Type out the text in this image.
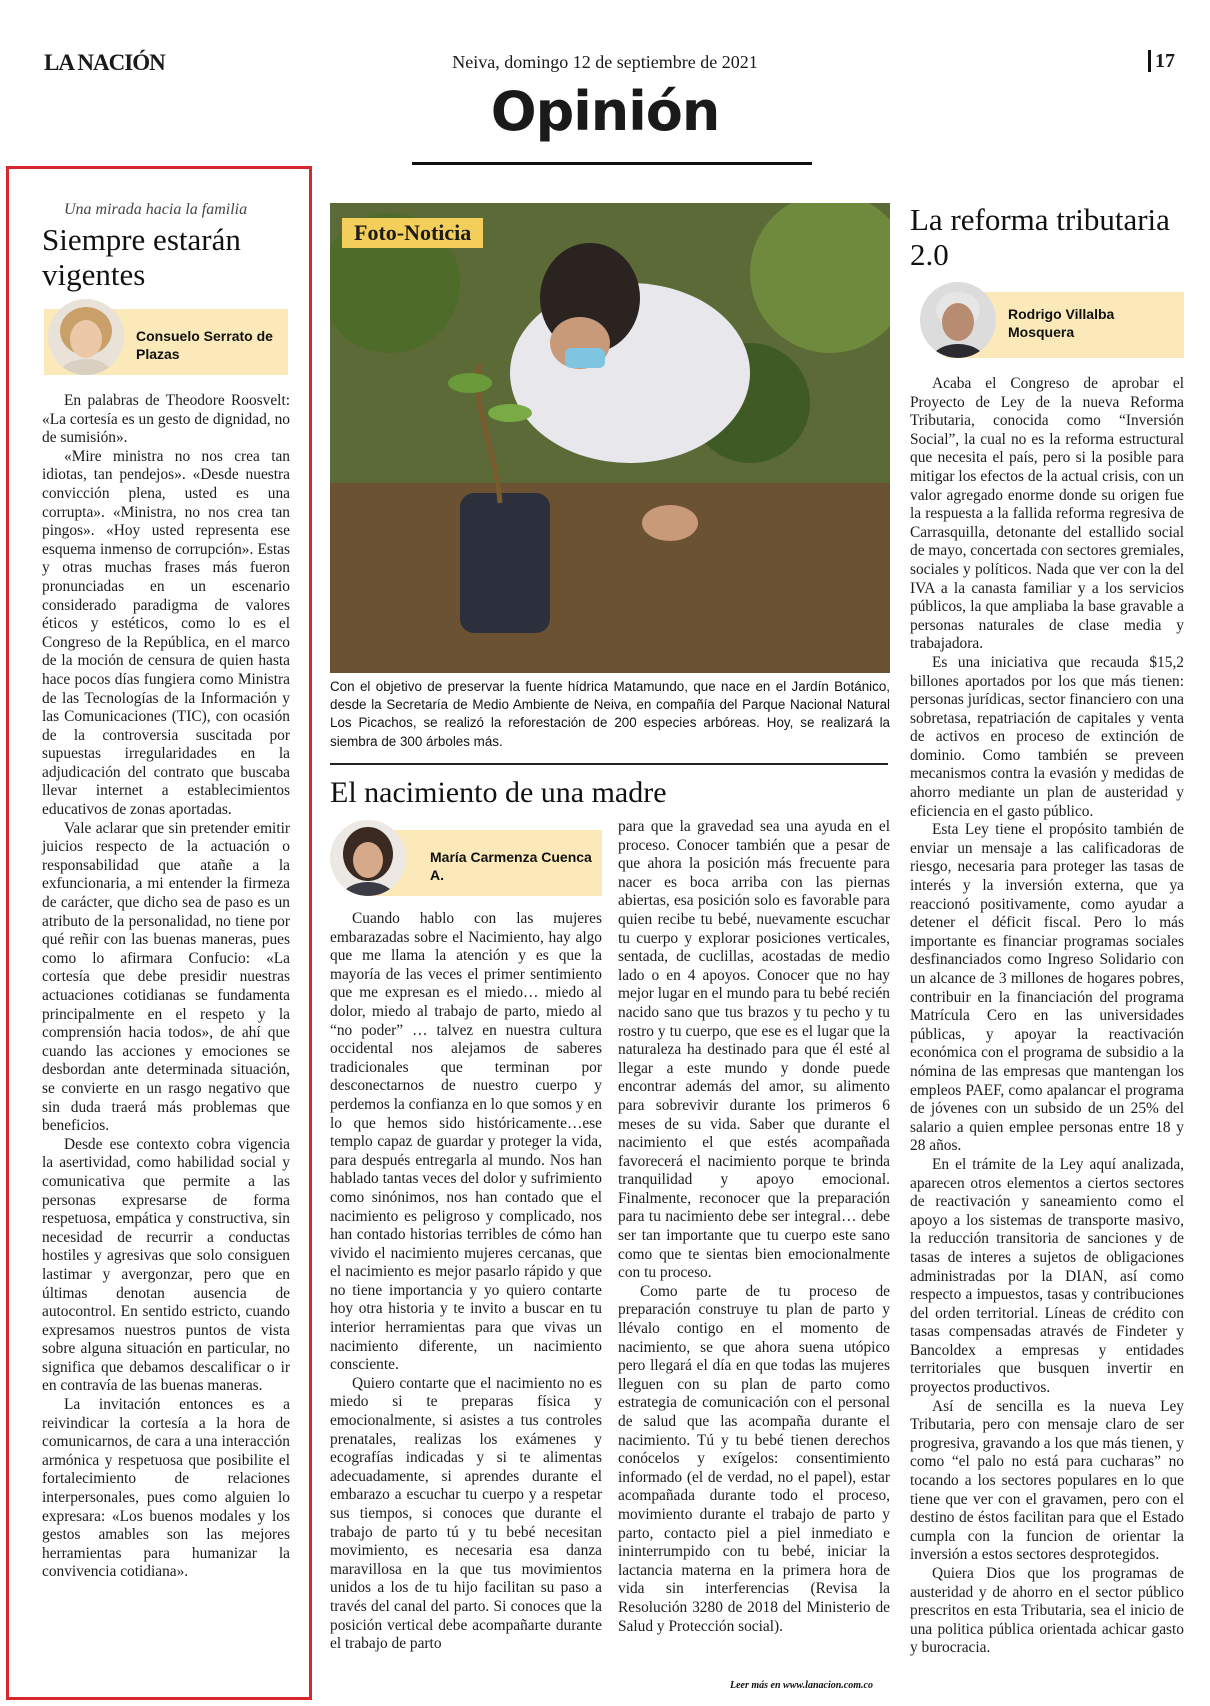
LA NACIÓN	Neiva, domingo 12 de septiembre de 2021	17
Opinión
Una mirada hacia la familia
Siempre estarán vigentes
Consuelo Serrato de Plazas

En palabras de Theodore Roosvelt: «La cortesía es un gesto de dignidad, no de sumisión».

«Mire ministra no nos crea tan idiotas, tan pendejos». «Desde nuestra convicción plena, usted es una corrupta». «Ministra, no nos crea tan pingos». «Hoy usted representa ese esquema inmenso de corrupción». Estas y otras muchas frases más fueron pronunciadas en un escenario considerado paradigma de valores éticos y estéticos, como lo es el Congreso de la República, en el marco de la moción de censura de quien hasta hace pocos días fungiera como Ministra de las Tecnologías de la Información y las Comunicaciones (TIC), con ocasión de la controversia suscitada por supuestas irregularidades en la adjudicación del contrato que buscaba llevar internet a establecimientos educativos de zonas aportadas.

Vale aclarar que sin pretender emitir juicios respecto de la actuación o responsabilidad que atañe a la exfuncionaria, a mi entender la firmeza de carácter, que dicho sea de paso es un atributo de la personalidad, no tiene por qué reñir con las buenas maneras, pues como lo afirmara Confucio: «La cortesía que debe presidir nuestras actuaciones cotidianas se fundamenta principalmente en el respeto y la comprensión hacia todos», de ahí que cuando las acciones y emociones se desbordan ante determinada situación, se convierte en un rasgo negativo que sin duda traerá más problemas que beneficios.

Desde ese contexto cobra vigencia la asertividad, como habilidad social y comunicativa que permite a las personas expresarse de forma respetuosa, empática y constructiva, sin necesidad de recurrir a conductas hostiles y agresivas que solo consiguen lastimar y avergonzar, pero que en últimas denotan ausencia de autocontrol. En sentido estricto, cuando expresamos nuestros puntos de vista sobre alguna situación en particular, no significa que debamos descalificar o ir en contravía de las buenas maneras.

La invitación entonces es a reivindicar la cortesía a la hora de comunicarnos, de cara a una interacción armónica y respetuosa que posibilite el fortalecimiento de relaciones interpersonales, pues como alguien lo expresara: «Los buenos modales y los gestos amables son las mejores herramientas para humanizar la convivencia cotidiana».

Foto-Noticia
Con el objetivo de preservar la fuente hídrica Matamundo, que nace en el Jardín Botánico, desde la Secretaría de Medio Ambiente de Neiva, en compañía del Parque Nacional Natural Los Picachos, se realizó la reforestación de 200 especies arbóreas. Hoy, se realizará la siembra de 300 árboles más.
El nacimiento de una madre
María Carmenza Cuenca A.

Cuando hablo con las mujeres embarazadas sobre el Nacimiento, hay algo que me llama la atención y es que la mayoría de las veces el primer sentimiento que me expresan es el miedo… miedo al dolor, miedo al trabajo de parto, miedo al “no poder” … talvez en nuestra cultura occidental nos alejamos de saberes tradicionales que terminan por desconectarnos de nuestro cuerpo y perdemos la confianza en lo que somos y en lo que hemos sido históricamente…ese templo capaz de guardar y proteger la vida, para después entregarla al mundo. Nos han hablado tantas veces del dolor y sufrimiento como sinónimos, nos han contado que el nacimiento es peligroso y complicado, nos han contado historias terribles de cómo han vivido el nacimiento mujeres cercanas, que el nacimiento es mejor pasarlo rápido y que no tiene importancia y yo quiero contarte hoy otra historia y te invito a buscar en tu interior herramientas para que vivas un nacimiento diferente, un nacimiento consciente.

Quiero contarte que el nacimiento no es miedo si te preparas física y emocionalmente, si asistes a tus controles prenatales, realizas los exámenes y ecografías indicadas y si te alimentas adecuadamente, si aprendes durante el embarazo a escuchar tu cuerpo y a respetar sus tiempos, si conoces que durante el trabajo de parto tú y tu bebé necesitan movimiento, es necesaria esa danza maravillosa en la que tus movimientos unidos a los de tu hijo facilitan su paso a través del canal del parto. Si conoces que la posición vertical debe acompañarte durante el trabajo de parto

para que la gravedad sea una ayuda en el proceso. Conocer también que a pesar de que ahora la posición más frecuente para nacer es boca arriba con las piernas abiertas, esa posición solo es favorable para quien recibe tu bebé, nuevamente escuchar tu cuerpo y explorar posiciones verticales, sentada, de cuclillas, acostadas de medio lado o en 4 apoyos. Conocer que no hay mejor lugar en el mundo para tu bebé recién nacido sano que tus brazos y tu pecho y tu rostro y tu cuerpo, que ese es el lugar que la naturaleza ha destinado para que él esté al llegar a este mundo y donde puede encontrar además del amor, su alimento para sobrevivir durante los primeros 6 meses de su vida. Saber que durante el nacimiento el que estés acompañada favorecerá el nacimiento porque te brinda tranquilidad y apoyo emocional. Finalmente, reconocer que la preparación para tu nacimiento debe ser integral… debe ser tan importante que tu cuerpo este sano como que te sientas bien emocionalmente con tu proceso.

Como parte de tu proceso de preparación construye tu plan de parto y llévalo contigo en el momento de nacimiento, se que ahora suena utópico pero llegará el día en que todas las mujeres lleguen con su plan de parto como estrategia de comunicación con el personal de salud que las acompaña durante el nacimiento. Tú y tu bebé tienen derechos conócelos y exígelos: consentimiento informado (el de verdad, no el papel), estar acompañada durante todo el proceso, movimiento durante el trabajo de parto y parto, contacto piel a piel inmediato e ininterrumpido con tu bebé, iniciar la lactancia materna en la primera hora de vida sin interferencias (Revisa la Resolución 3280 de 2018 del Ministerio de Salud y Protección social).

Leer más en www.lanacion.com.co
La reforma tributaria 2.0
Rodrigo Villalba Mosquera

Acaba el Congreso de aprobar el Proyecto de Ley de la nueva Reforma Tributaria, conocida como “Inversión Social”, la cual no es la reforma estructural que necesita el país, pero si la posible para mitigar los efectos de la actual crisis, con un valor agregado enorme donde su origen fue la respuesta a la fallida reforma regresiva de Carrasquilla, detonante del estallido social de mayo, concertada con sectores gremiales, sociales y políticos. Nada que ver con la del IVA a la canasta familiar y a los servicios públicos, la que ampliaba la base gravable a personas naturales de clase media y trabajadora.

Es una iniciativa que recauda $15,2 billones aportados por los que más tienen: personas jurídicas, sector financiero con una sobretasa, repatriación de capitales y venta de activos en proceso de extinción de dominio. Como también se preveen mecanismos contra la evasión y medidas de ahorro mediante un plan de austeridad y eficiencia en el gasto público.

Esta Ley tiene el propósito también de enviar un mensaje a las calificadoras de riesgo, necesaria para proteger las tasas de interés y la inversión externa, que ya reaccionó positivamente, como ayudar a detener el déficit fiscal. Pero lo más importante es financiar programas sociales desfinanciados como Ingreso Solidario con un alcance de 3 millones de hogares pobres, contribuir en la financiación del programa Matrícula Cero en las universidades públicas, y apoyar la reactivación económica con el programa de subsidio a la nómina de las empresas que mantengan los empleos PAEF, como apalancar el programa de jóvenes con un subsido de un 25% del salario a quien emplee personas entre 18 y 28 años.

En el trámite de la Ley aquí analizada, aparecen otros elementos a ciertos sectores de reactivación y saneamiento como el apoyo a los sistemas de transporte masivo, la reducción transitoria de sanciones y de tasas de interes a sujetos de obligaciones administradas por la DIAN, así como respecto a impuestos, tasas y contribuciones del orden territorial. Líneas de crédito con tasas compensadas através de Findeter y Bancoldex a empresas y entidades territoriales que busquen invertir en proyectos productivos.

Así de sencilla es la nueva Ley Tributaria, pero con mensaje claro de ser progresiva, gravando a los que más tienen, y como “el palo no está para cucharas” no tocando a los sectores populares en lo que tiene que ver con el gravamen, pero con el destino de éstos facilitan para que el Estado cumpla con la funcion de orientar la inversión a estos sectores desprotegidos.

Quiera Dios que los programas de austeridad y de ahorro en el sector público prescritos en esta Tributaria, sea el inicio de una politica pública orientada achicar gasto y burocracia.
